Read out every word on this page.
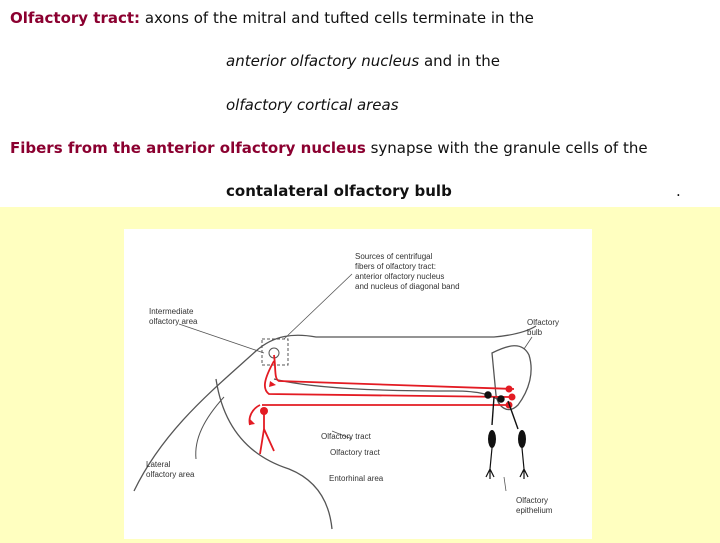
Olfactory tract: axons of the mitral and tufted cells terminate in the
anterior olfactory nucleus and in the
olfactory cortical areas
Fibers from the anterior olfactory nucleus synapse with the granule cells of the
contalateral olfactory bulb	.
Sources of centrifugal
fibers of olfactory tract:
anterior olfactory nucleus
and nucleus of diagonal band
Intermediate
olfactory area	Olfactory
bulb
Olfactory tract
Olfactory tract
Lateral
olfactory area	Entorhinal area
Olfactory
epithelium
